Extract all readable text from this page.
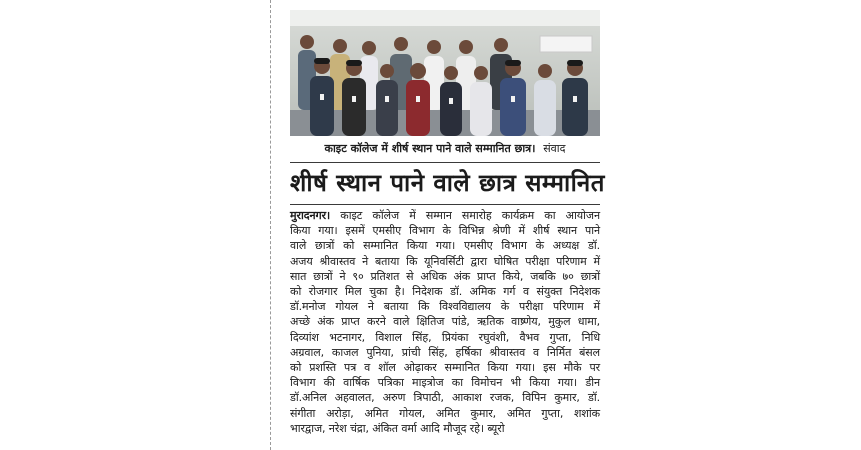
काइट कॉलेज में शीर्ष स्थान पाने वाले सम्मानित छात्र। संवाद
शीर्ष स्थान पाने वाले छात्र सम्मानित
मुरादनगर। काइट कॉलेज में सम्मान समारोह कार्यक्रम का आयोजन
किया गया। इसमें एमसीए विभाग के विभिन्न श्रेणी में शीर्ष स्थान पाने
वाले छात्रों को सम्मानित किया गया। एमसीए विभाग के अध्यक्ष डॉ.
अजय श्रीवास्तव ने बताया कि यूनिवर्सिटी द्वारा घोषित परीक्षा परिणाम में
सात छात्रों ने ९० प्रतिशत से अधिक अंक प्राप्त किये, जबकि ७० छात्रों
को रोजगार मिल चुका है। निदेशक डॉ. अमिक गर्ग व संयुक्त निदेशक
डॉ.मनोज गोयल ने बताया कि विश्वविद्यालय के परीक्षा परिणाम में
अच्छे अंक प्राप्त करने वाले क्षितिज पांडे, ऋतिक वाष्र्णेय, मुकुल धामा,
दिव्यांश भटनागर, विशाल सिंह, प्रियंका रघुवंशी, वैभव गुप्ता, निधि
अग्रवाल, काजल पुनिया, प्रांची सिंह, हर्षिका श्रीवास्तव व निर्मित बंसल
को प्रशस्ति पत्र व शॉल ओढ़ाकर सम्मानित किया गया। इस मौके पर
विभाग की वार्षिक पत्रिका माइत्रोज का विमोचन भी किया गया। डीन
डॉ.अनिल अहवालत, अरुण त्रिपाठी, आकाश रजक, विपिन कुमार, डॉ.
संगीता अरोड़ा, अमित गोयल, अमित कुमार, अमित गुप्ता, शशांक
भारद्वाज, नरेश चंद्रा, अंकित वर्मा आदि मौजूद रहे। ब्यूरो
